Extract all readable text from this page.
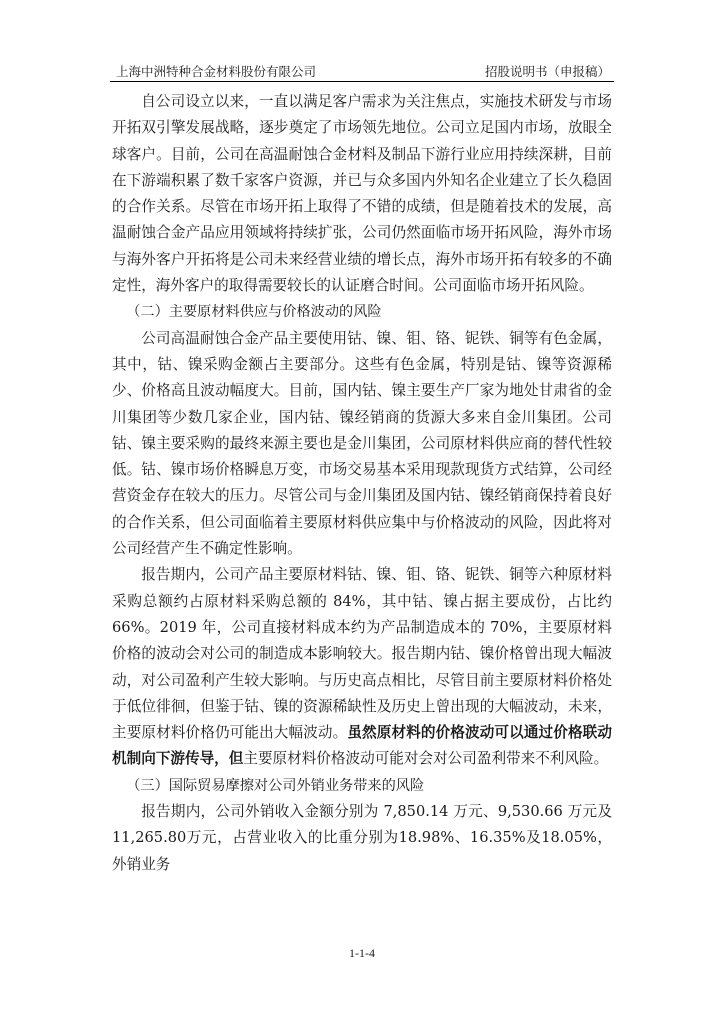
上海中洲特种合金材料股份有限公司	招股说明书（申报稿）

自公司设立以来，一直以满足客户需求为关注焦点，实施技术研发与市场开拓双引擎发展战略，逐步奠定了市场领先地位。公司立足国内市场，放眼全球客户。目前，公司在高温耐蚀合金材料及制品下游行业应用持续深耕，目前在下游端积累了数千家客户资源，并已与众多国内外知名企业建立了长久稳固的合作关系。尽管在市场开拓上取得了不错的成绩，但是随着技术的发展，高温耐蚀合金产品应用领域将持续扩张，公司仍然面临市场开拓风险，海外市场与海外客户开拓将是公司未来经营业绩的增长点，海外市场开拓有较多的不确定性，海外客户的取得需要较长的认证磨合时间。公司面临市场开拓风险。

（二）主要原材料供应与价格波动的风险

公司高温耐蚀合金产品主要使用钴、镍、钼、铬、铌铁、铜等有色金属，其中，钴、镍采购金额占主要部分。这些有色金属，特别是钴、镍等资源稀少、价格高且波动幅度大。目前，国内钴、镍主要生产厂家为地处甘肃省的金川集团等少数几家企业，国内钴、镍经销商的货源大多来自金川集团。公司钴、镍主要采购的最终来源主要也是金川集团，公司原材料供应商的替代性较低。钴、镍市场价格瞬息万变，市场交易基本采用现款现货方式结算，公司经营资金存在较大的压力。尽管公司与金川集团及国内钴、镍经销商保持着良好的合作关系，但公司面临着主要原材料供应集中与价格波动的风险，因此将对公司经营产生不确定性影响。

报告期内，公司产品主要原材料钴、镍、钼、铬、铌铁、铜等六种原材料采购总额约占原材料采购总额的 84%，其中钴、镍占据主要成份，占比约66%。2019 年，公司直接材料成本约为产品制造成本的 70%，主要原材料价格的波动会对公司的制造成本影响较大。报告期内钴、镍价格曾出现大幅波动，对公司盈利产生较大影响。与历史高点相比，尽管目前主要原材料价格处于低位徘徊，但鉴于钴、镍的资源稀缺性及历史上曾出现的大幅波动，未来，主要原材料价格仍可能出大幅波动。虽然原材料的价格波动可以通过价格联动机制向下游传导，但主要原材料价格波动可能对会对公司盈利带来不利风险。

（三）国际贸易摩擦对公司外销业务带来的风险

报告期内，公司外销收入金额分别为 7,850.14 万元、9,530.66 万元及11,265.80万元，占营业收入的比重分别为18.98%、16.35%及18.05%，外销业务

1-1-4
